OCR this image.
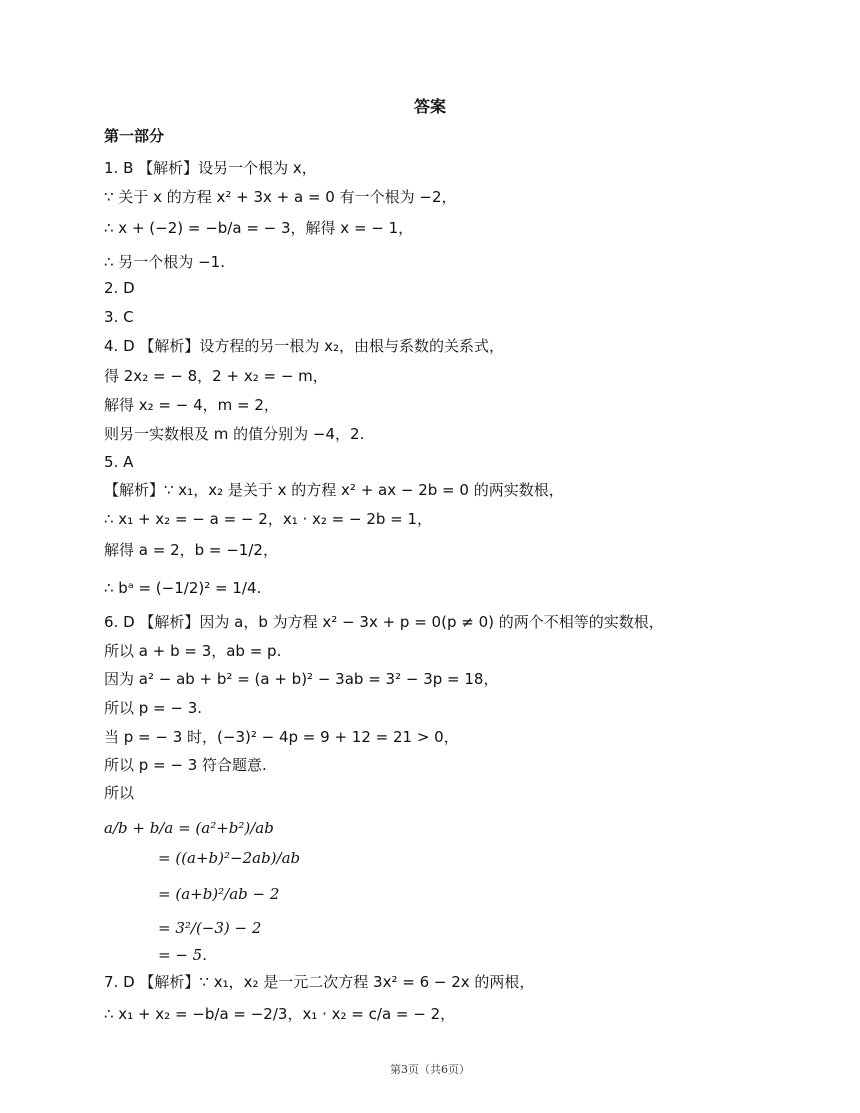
答案
第一部分
1. B 【解析】设另一个根为 x，
∵ 关于 x 的方程 x² + 3x + a = 0 有一个根为 −2，
∴ x + (−2) = −b/a = − 3，解得 x = − 1，
∴ 另一个根为 −1.
2. D
3. C
4. D 【解析】设方程的另一根为 x₂，由根与系数的关系式，
得 2x₂ = − 8，2 + x₂ = − m，
解得 x₂ = − 4，m = 2，
则另一实数根及 m 的值分别为 −4，2.
5. A
【解析】∵ x₁，x₂ 是关于 x 的方程 x² + ax − 2b = 0 的两实数根，
∴ x₁ + x₂ = − a = − 2，x₁ · x₂ = − 2b = 1，
解得 a = 2，b = −1/2，
∴ bᵃ = (−1/2)² = 1/4.
6. D 【解析】因为 a，b 为方程 x² − 3x + p = 0(p ≠ 0) 的两个不相等的实数根，
所以 a + b = 3，ab = p.
因为 a² − ab + b² = (a + b)² − 3ab = 3² − 3p = 18，
所以 p = − 3.
当 p = − 3 时，(−3)² − 4p = 9 + 12 = 21 > 0，
所以 p = − 3 符合题意.
所以
a/b + b/a = (a²+b²)/ab
= ((a+b)²−2ab)/ab
= (a+b)²/ab − 2
= 3²/(−3) − 2
= − 5.
7. D 【解析】∵ x₁，x₂ 是一元二次方程 3x² = 6 − 2x 的两根，
∴ x₁ + x₂ = −b/a = −2/3，x₁ · x₂ = c/a = − 2，
第3页（共6页）
